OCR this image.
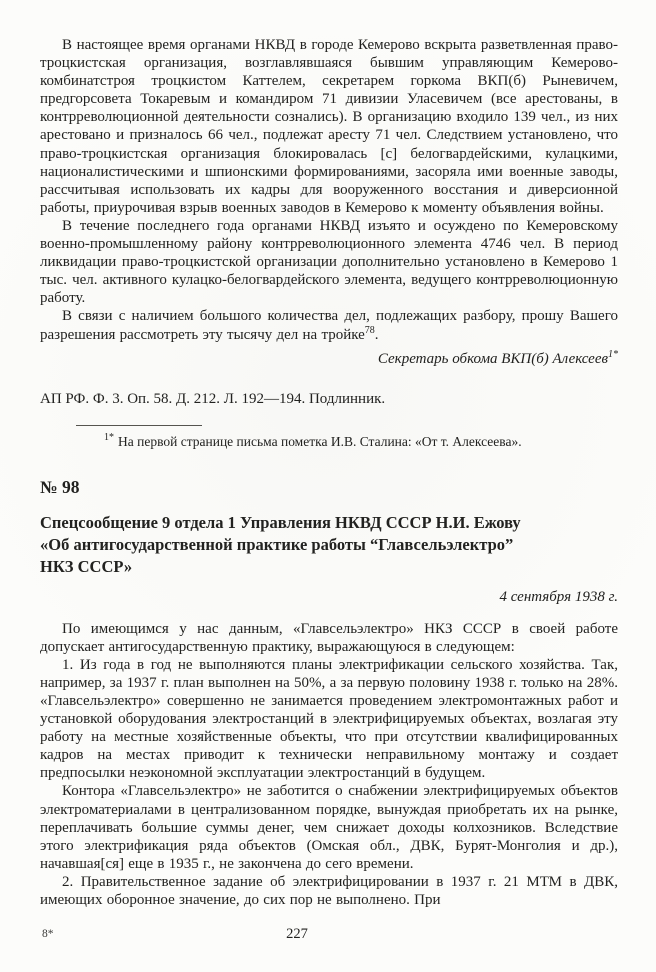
В настоящее время органами НКВД в городе Кемерово вскрыта разветвленная право-троцкистская организация, возглавлявшаяся бывшим управляющим Кемерово-комбинатстроя троцкистом Каттелем, секретарем горкома ВКП(б) Рыневичем, предгорсовета Токаревым и командиром 71 дивизии Уласевичем (все арестованы, в контрреволюционной деятельности сознались). В организацию входило 139 чел., из них арестовано и призналось 66 чел., подлежат аресту 71 чел. Следствием установлено, что право-троцкистская организация блокировалась [с] белогвардейскими, кулацкими, националистическими и шпионскими формированиями, засоряла ими военные заводы, рассчитывая использовать их кадры для вооруженного восстания и диверсионной работы, приурочивая взрыв военных заводов в Кемерово к моменту объявления войны.

В течение последнего года органами НКВД изъято и осуждено по Кемеровскому военно-промышленному району контрреволюционного элемента 4746 чел. В период ликвидации право-троцкистской организации дополнительно установлено в Кемерово 1 тыс. чел. активного кулацко-белогвардейского элемента, ведущего контрреволюционную работу.

В связи с наличием большого количества дел, подлежащих разбору, прошу Вашего разрешения рассмотреть эту тысячу дел на тройке$^{78}$.

Секретарь обкома ВКП(б) Алексеев$^{1*}$

АП РФ. Ф. 3. Оп. 58. Д. 212. Л. 192—194. Подлинник.

$^{1*}$ На первой странице письма пометка И.В. Сталина: «От т. Алексеева».

№ 98

Спецсообщение 9 отдела 1 Управления НКВД СССР Н.И. Ежову
«Об антигосударственной практике работы “Главсельэлектро”
НКЗ СССР»

4 сентября 1938 г.

По имеющимся у нас данным, «Главсельэлектро» НКЗ СССР в своей работе допускает антигосударственную практику, выражающуюся в следующем:

1. Из года в год не выполняются планы электрификации сельского хозяйства. Так, например, за 1937 г. план выполнен на 50%, а за первую половину 1938 г. только на 28%. «Главсельэлектро» совершенно не занимается проведением электромонтажных работ и установкой оборудования электростанций в электрифицируемых объектах, возлагая эту работу на местные хозяйственные объекты, что при отсутствии квалифицированных кадров на местах приводит к технически неправильному монтажу и создает предпосылки неэкономной эксплуатации электростанций в будущем.

Контора «Главсельэлектро» не заботится о снабжении электрифицируемых объектов электроматериалами в централизованном порядке, вынуждая приобретать их на рынке, переплачивать большие суммы денег, чем снижает доходы колхозников. Вследствие этого электрификация ряда объектов (Омская обл., ДВК, Бурят-Монголия и др.), начавшая[ся] еще в 1935 г., не закончена до сего времени.

2. Правительственное задание об электрифицировании в 1937 г. 21 МТМ в ДВК, имеющих оборонное значение, до сих пор не выполнено. При

8*	227
